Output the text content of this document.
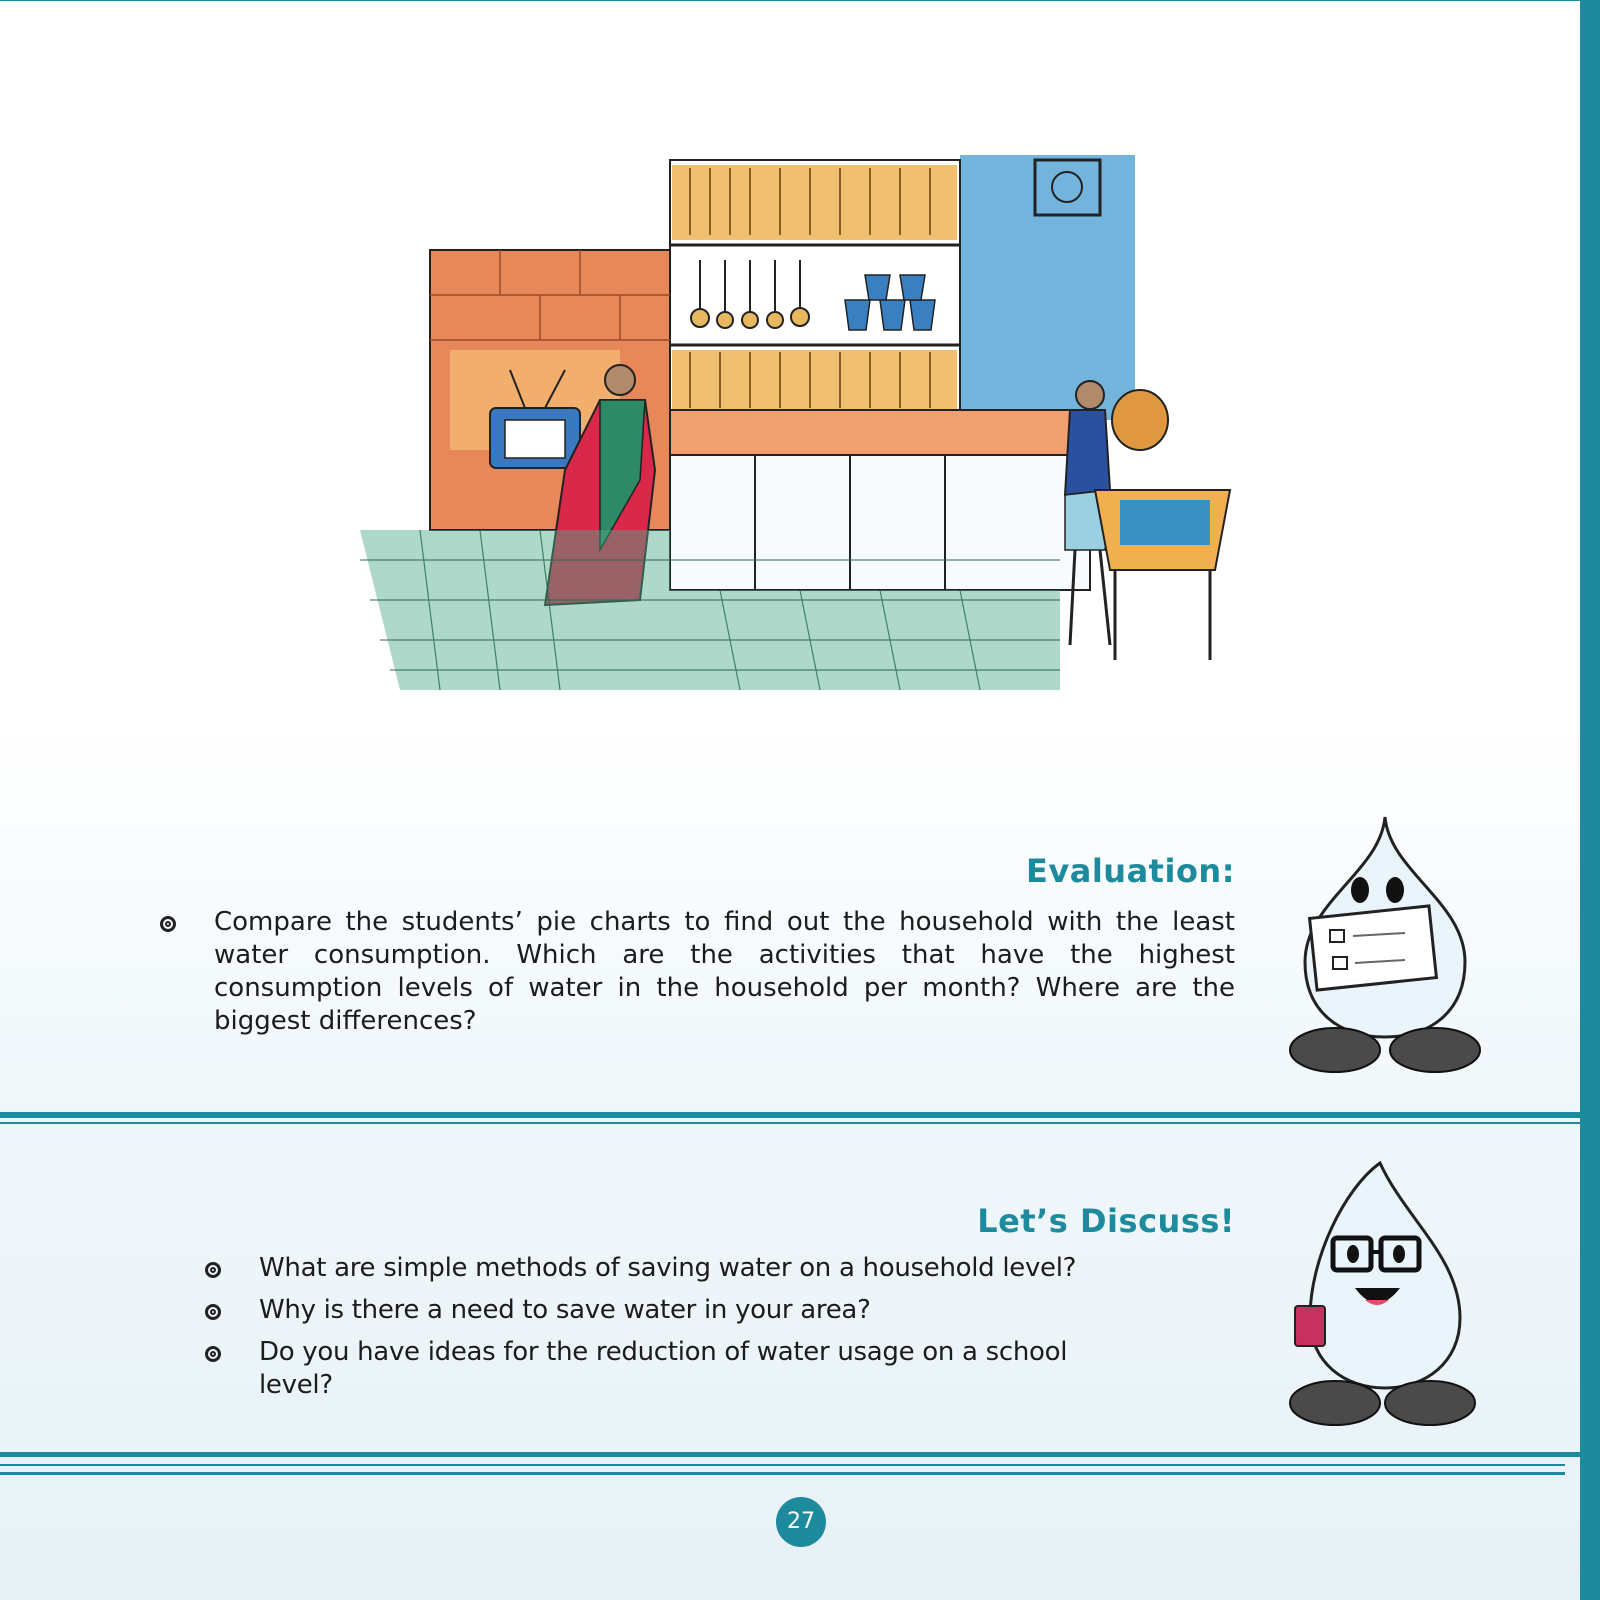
Evaluation:
Compare the students’ pie charts to find out the household with the least water consumption. Which are the activities that have the highest consumption levels of water in the household per month? Where are the biggest differences?
Let’s Discuss!
What are simple methods of saving water on a household level?
Why is there a need to save water in your area?
Do you have ideas for the reduction of water usage on a school level?
27
